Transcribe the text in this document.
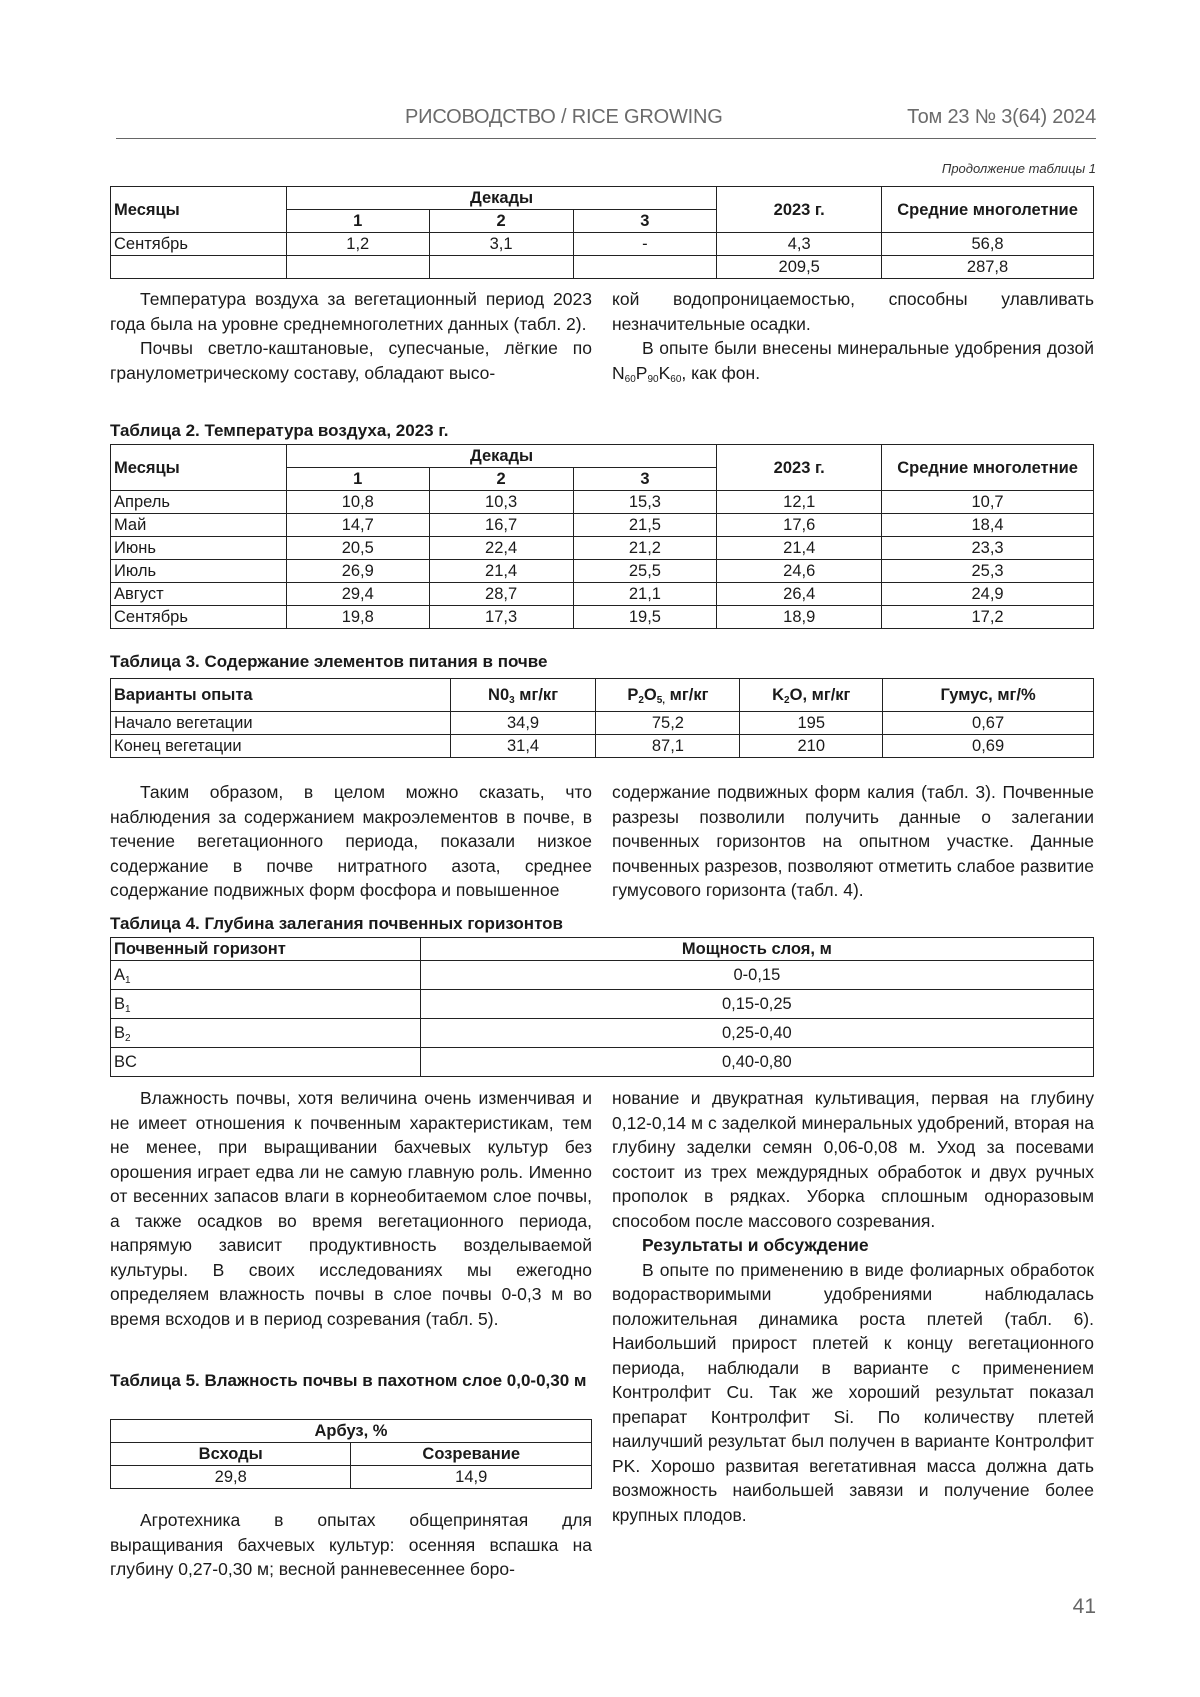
РИСОВОДСТВО / RICE GROWING	Том 23 № 3(64) 2024
Продолжение таблицы 1
Месяцы	Декады			2023 г.	Средние многолетние
	1	2	3		
Сентябрь	1,2	3,1	-	4,3	56,8
				209,5	287,8

Температура воздуха за вегетационный период 2023 года была на уровне среднемноголетних данных (табл. 2).

Почвы светло-каштановые, супесчаные, лёгкие по гранулометрическому составу, обладают высо-

кой водопроницаемостью, способны улавливать незначительные осадки.

В опыте были внесены минеральные удобрения дозой $N_{60}P_{90}K_{60}$, как фон.

Таблица 2. Температура воздуха, 2023 г.
Месяцы	Декады			2023 г.	Средние многолетние
	1	2	3		
Апрель	10,8	10,3	15,3	12,1	10,7
Май	14,7	16,7	21,5	17,6	18,4
Июнь	20,5	22,4	21,2	21,4	23,3
Июль	26,9	21,4	25,5	24,6	25,3
Август	29,4	28,7	21,1	26,4	24,9
Сентябрь	19,8	17,3	19,5	18,9	17,2
Таблица 3. Содержание элементов питания в почве
Варианты опыта	$N0_3$ мг/кг	$P_2O_{5,}$ мг/кг	$K_2O$, мг/кг	Гумус, мг/%
Начало вегетации	34,9	75,2	195	0,67
Конец вегетации	31,4	87,1	210	0,69

Таким образом, в целом можно сказать, что наблюдения за содержанием макроэлементов в почве, в течение вегетационного периода, показали низкое содержание в почве нитратного азота, среднее содержание подвижных форм фосфора и повышенное

содержание подвижных форм калия (табл. 3). Почвенные разрезы позволили получить данные о залегании почвенных горизонтов на опытном участке. Данные почвенных разрезов, позволяют отметить слабое развитие гумусового горизонта (табл. 4).

Таблица 4. Глубина залегания почвенных горизонтов
Почвенный горизонт	Мощность слоя, м
$A_1$	0-0,15
$B_1$	0,15-0,25
$B_2$	0,25-0,40
BC	0,40-0,80

Влажность почвы, хотя величина очень изменчивая и не имеет отношения к почвенным характеристикам, тем не менее, при выращивании бахчевых культур без орошения играет едва ли не самую главную роль. Именно от весенних запасов влаги в корнеобитаемом слое почвы, а также осадков во время вегетационного периода, напрямую зависит продуктивность возделываемой культуры. В своих исследованиях мы ежегодно определяем влажность почвы в слое почвы 0-0,3 м во время всходов и в период созревания (табл. 5).

Таблица 5. Влажность почвы в пахотном слое 0,0-0,30 м
Арбуз, %	
Всходы	Созревание
29,8	14,9

Агротехника в опытах общепринятая для выращивания бахчевых культур: осенняя вспашка на глубину 0,27-0,30 м; весной ранневесеннее боро-

нование и двукратная культивация, первая на глубину 0,12-0,14 м с заделкой минеральных удобрений, вторая на глубину заделки семян 0,06-0,08 м. Уход за посевами состоит из трех междурядных обработок и двух ручных прополок в рядках. Уборка сплошным одноразовым способом после массового созревания.

Результаты и обсуждение

В опыте по применению в виде фолиарных обработок водорастворимыми удобрениями наблюдалась положительная динамика роста плетей (табл. 6). Наибольший прирост плетей к концу вегетационного периода, наблюдали в варианте с применением Контролфит Cu. Так же хороший результат показал препарат Контролфит Si. По количеству плетей наилучший результат был получен в варианте Контролфит PK. Хорошо развитая вегетативная масса должна дать возможность наибольшей завязи и получение более крупных плодов.

41
